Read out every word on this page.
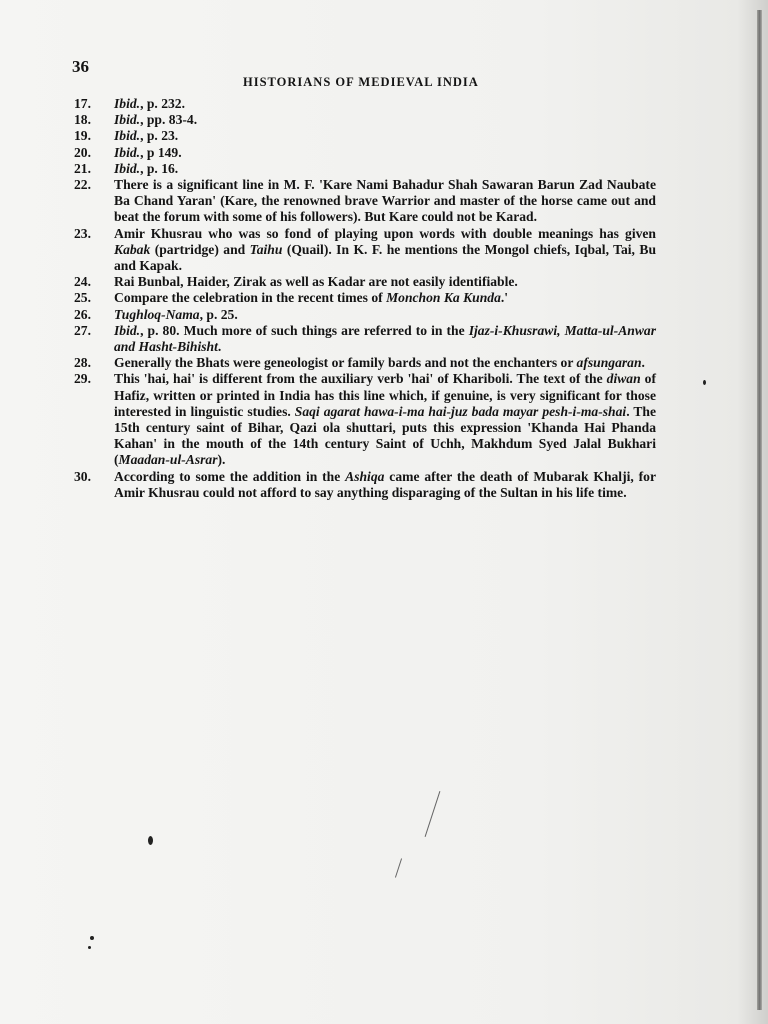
36
HISTORIANS OF MEDIEVAL INDIA
17.	Ibid., p. 232.
18.	Ibid., pp. 83-4.
19.	Ibid., p. 23.
20.	Ibid., p 149.
21.	Ibid., p. 16.
22.	There is a significant line in M. F. 'Kare Nami Bahadur Shah Sawaran Barun Zad Naubate Ba Chand Yaran' (Kare, the renowned brave Warrior and master of the horse came out and beat the forum with some of his followers). But Kare could not be Karad.
23.	Amir Khusrau who was so fond of playing upon words with double meanings has given Kabak (partridge) and Taihu (Quail). In K. F. he mentions the Mongol chiefs, Iqbal, Tai, Bu and Kapak.
24.	Rai Bunbal, Haider, Zirak as well as Kadar are not easily identifiable.
25.	Compare the celebration in the recent times of Monchon Ka Kunda.'
26.	Tughloq-Nama, p. 25.
27.	Ibid., p. 80. Much more of such things are referred to in the Ijaz-i-Khusrawi, Matta-ul-Anwar and Hasht-Bihisht.
28.	Generally the Bhats were geneologist or family bards and not the enchanters or afsungaran.
29.	This 'hai, hai' is different from the auxiliary verb 'hai' of Khariboli. The text of the diwan of Hafiz, written or printed in India has this line which, if genuine, is very significant for those interested in linguistic studies. Saqi agarat hawa-i-ma hai-juz bada mayar pesh-i-ma-shai. The 15th century saint of Bihar, Qazi ola shuttari, puts this expression 'Khanda Hai Phanda Kahan' in the mouth of the 14th century Saint of Uchh, Makhdum Syed Jalal Bukhari (Maadan-ul-Asrar).
30.	According to some the addition in the Ashiqa came after the death of Mubarak Khalji, for Amir Khusrau could not afford to say anything disparaging of the Sultan in his life time.
